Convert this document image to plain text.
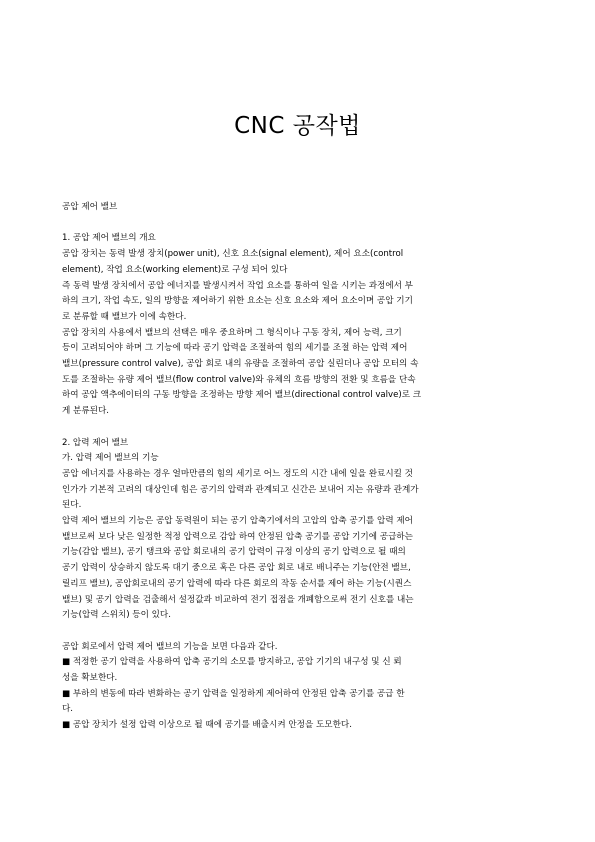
CNC 공작법
공압 제어 밸브
1. 공압 제어 밸브의 개요
공압 장치는 동력 발생 장치(power unit), 신호 요소(signal element), 제어 요소(control
element), 작업 요소(working element)로 구성 되어 있다
즉 동력 발생 장치에서 공압 에너지를 발생시켜서 작업 요소를 통하여 일을 시키는 과정에서 부
하의 크기, 작업 속도, 일의 방향을 제어하기 위한 요소는 신호 요소와 제어 요소이며 공압 기기
로 분류할 때 밸브가 이에 속한다.
공압 장치의 사용에서 밸브의 선택은 매우 중요하며 그 형식이나 구동 장치, 제어 능력, 크기
등이 고려되어야 하며 그 기능에 따라 공기 압력을 조절하여 힘의 세기를 조절 하는 압력 제어
밸브(pressure control valve), 공압 회로 내의 유량을 조절하여 공압 실린더나 공압 모터의 속
도를 조절하는 유량 제어 밸브(flow control valve)와 유체의 흐름 방향의 전환 및 흐름을 단속
하여 공압 액추에이터의 구동 방향을 조정하는 방향 제어 밸브(directional control valve)로 크
게 분류된다.
2. 압력 제어 밸브
가. 압력 제어 밸브의 기능
공압 에너지를 사용하는 경우 얼마만큼의 힘의 세기로 어느 정도의 시간 내에 일을 완료시킬 것
인가가 기본적 고려의 대상인데 힘은 공기의 압력과 관계되고 신간은 보내어 지는 유량과 관계가
된다.
압력 제어 밸브의 기능은 공압 동력원이 되는 공기 압축기에서의 고압의 압축 공기를 압력 제어
밸브로써 보다 낮은 일정한 적정 압력으로 감압 하여 안정된 압축 공기를 공압 기기에 공급하는
기능(감압 밸브), 공기 탱크와 공압 회로내의 공기 압력이 규정 이상의 공기 압력으로 될 때의
공기 압력이 상승하지 않도록 대기 중으로 혹은 다른 공압 회로 내로 배니주는 기능(안전 밸브,
릴리프 밸브), 공압회로내의 공기 압력에 따라 다른 회로의 작동 순서를 제어 하는 기능(시퀀스
밸브) 및 공기 압력을 검출해서 설정값과 비교하여 전기 접점을 개폐함으로써 전기 신호를 내는
기능(압력 스위치) 등이 있다.
공압 회로에서 압력 제어 밸브의 기능을 보면 다음과 같다.
■ 적정한 공기 압력을 사용하여 압축 공기의 소모를 방지하고, 공압 기기의 내구성 및 신 뢰
성을 확보한다.
■ 부하의 변동에 따라 변화하는 공기 압력을 일정하게 제어하여 안정된 압축 공기를 공급 한
다.
■ 공압 장치가 설정 압력 이상으로 될 때에 공기를 배출시켜 안정을 도모한다.
